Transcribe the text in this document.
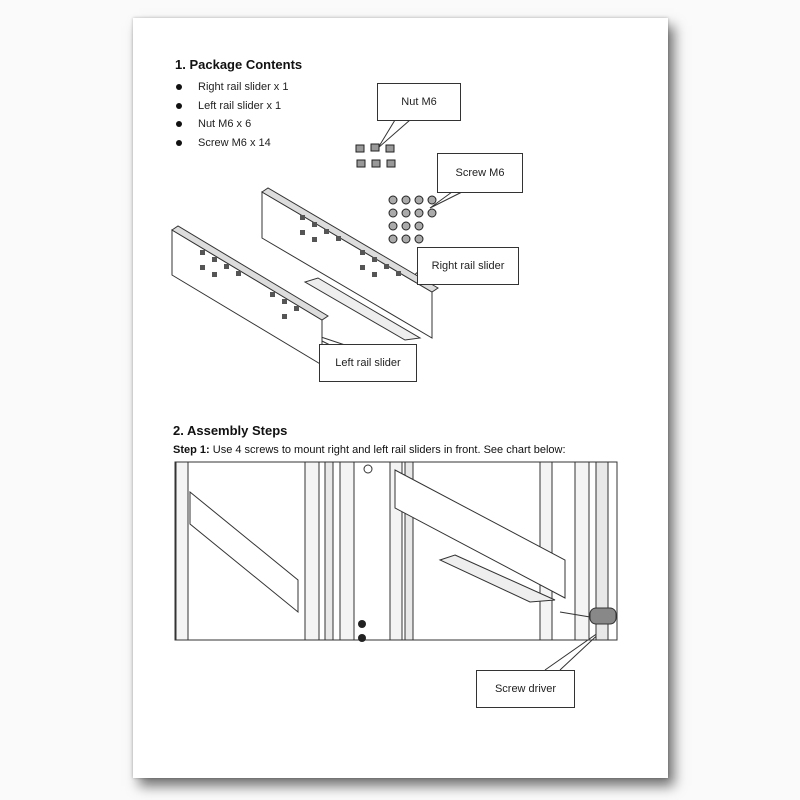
1. Package Contents
Right rail slider x 1
Left rail slider x 1
Nut M6 x 6
Screw M6 x 14
Nut M6
Screw M6
Right rail slider
Left rail slider
Screw driver
2. Assembly Steps
Step 1: Use 4 screws to mount right and left rail sliders in front. See chart below:
